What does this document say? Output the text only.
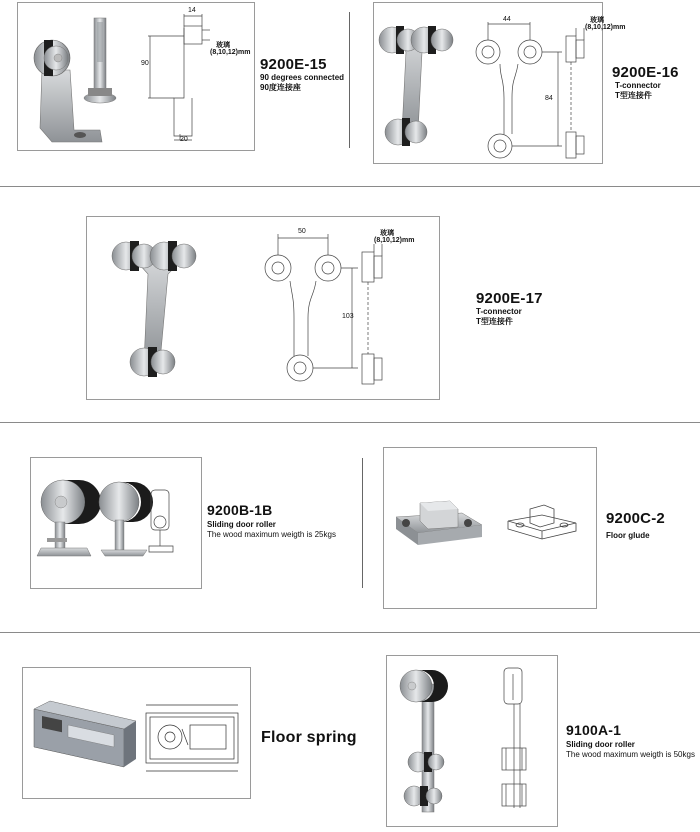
14
90
20
玻璃
(8,10,12)mm
9200E-15
90 degrees connected
90度连接座
44
84
玻璃
(8,10,12)mm
9200E-16
T-connector
T型连接件
50
103
玻璃
(8,10,12)mm
9200E-17
T-connector
T型连接件
9200B-1B
Sliding door roller
The wood maximum weigth is 25kgs
9200C-2
Floor glude
Floor spring	9100A-1
Sliding door roller
The wood maximum weigth is 50kgs
